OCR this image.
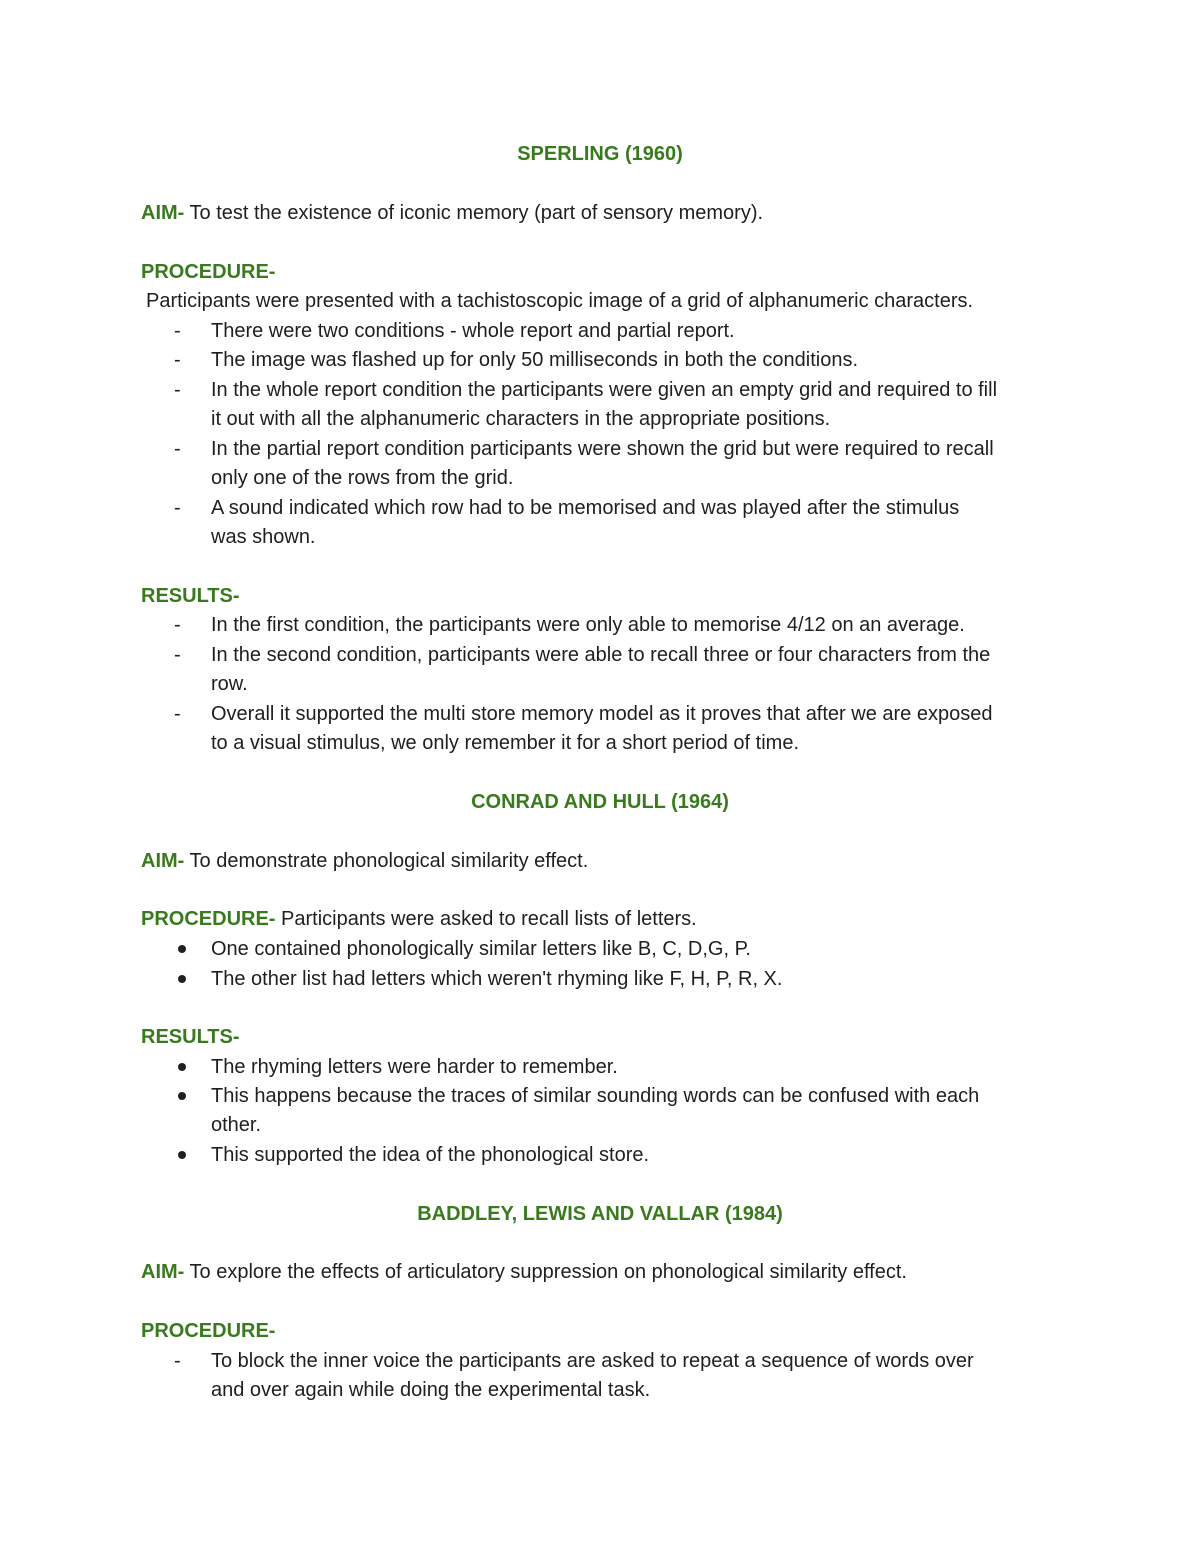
SPERLING (1960)
AIM- To test the existence of iconic memory (part of sensory memory).
PROCEDURE-
Participants were presented with a tachistoscopic image of a grid of alphanumeric characters.
- There were two conditions - whole report and partial report.
- The image was flashed up for only 50 milliseconds in both the conditions.
- In the whole report condition the participants were given an empty grid and required to fill
it out with all the alphanumeric characters in the appropriate positions.
- In the partial report condition participants were shown the grid but were required to recall
only one of the rows from the grid.
- A sound indicated which row had to be memorised and was played after the stimulus
was shown.
RESULTS-
- In the first condition, the participants were only able to memorise 4/12 on an average.
- In the second condition, participants were able to recall three or four characters from the
row.
- Overall it supported the multi store memory model as it proves that after we are exposed
to a visual stimulus, we only remember it for a short period of time.
CONRAD AND HULL (1964)
AIM- To demonstrate phonological similarity effect.
PROCEDURE- Participants were asked to recall lists of letters.
One contained phonologically similar letters like B, C, D,G, P.
The other list had letters which weren't rhyming like F, H, P, R, X.
RESULTS-
The rhyming letters were harder to remember.
This happens because the traces of similar sounding words can be confused with each
other.
This supported the idea of the phonological store.
BADDLEY, LEWIS AND VALLAR (1984)
AIM- To explore the effects of articulatory suppression on phonological similarity effect.
PROCEDURE-
- To block the inner voice the participants are asked to repeat a sequence of words over
and over again while doing the experimental task.
